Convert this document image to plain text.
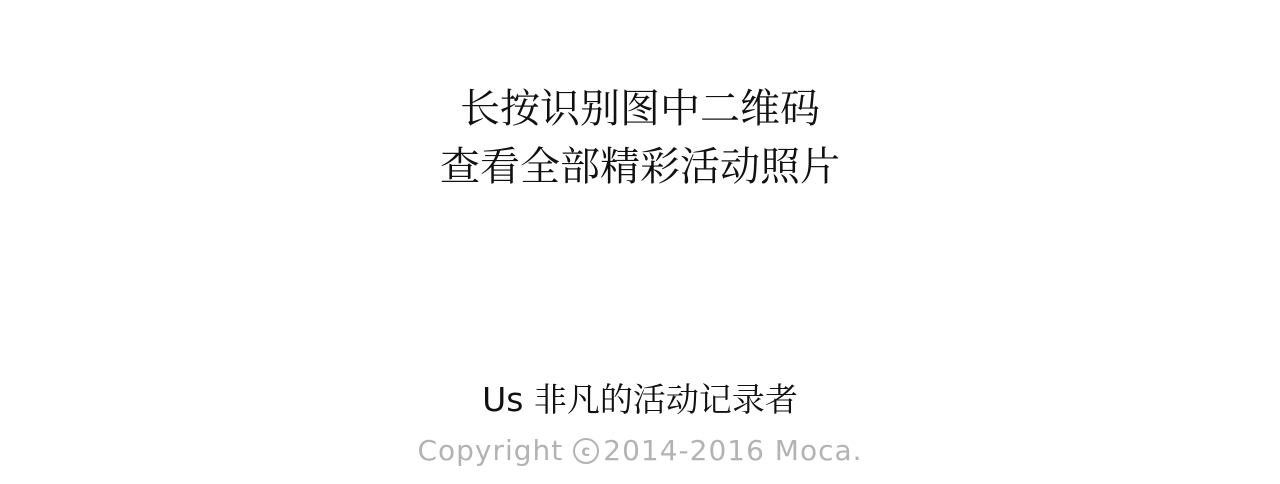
长按识别图中二维码
查看全部精彩活动照片
Us 非凡的活动记录者
Copyright	c 2014-2016 Moca.
